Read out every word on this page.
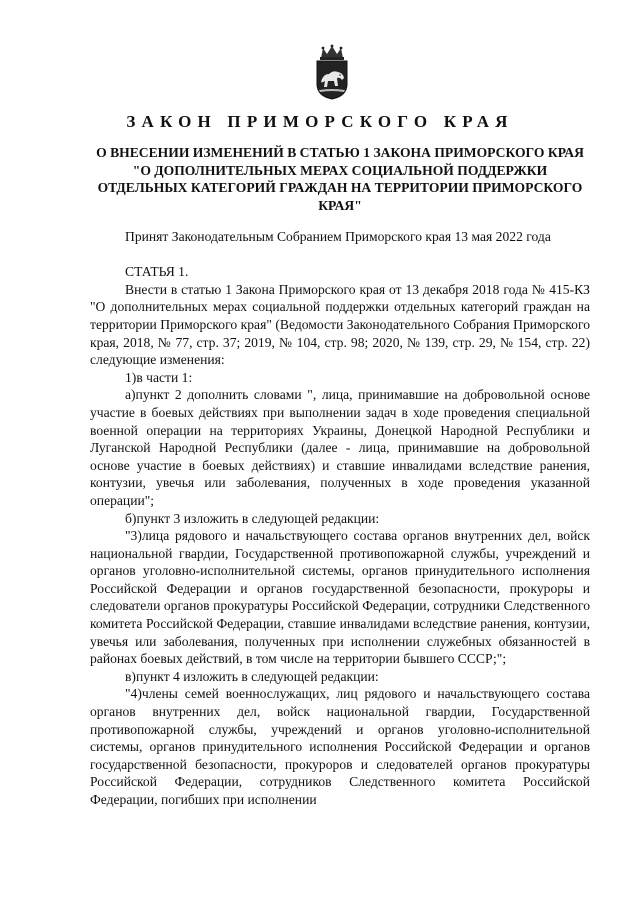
ЗАКОН ПРИМОРСКОГО КРАЯ
О ВНЕСЕНИИ ИЗМЕНЕНИЙ В СТАТЬЮ 1 ЗАКОНА ПРИМОРСКОГО КРАЯ "О ДОПОЛНИТЕЛЬНЫХ МЕРАХ СОЦИАЛЬНОЙ ПОДДЕРЖКИ ОТДЕЛЬНЫХ КАТЕГОРИЙ ГРАЖДАН НА ТЕРРИТОРИИ ПРИМОРСКОГО КРАЯ"

Принят Законодательным Собранием Приморского края 13 мая 2022 года

СТАТЬЯ 1.

Внести в статью 1 Закона Приморского края от 13 декабря 2018 года № 415-КЗ "О дополнительных мерах социальной поддержки отдельных категорий граждан на территории Приморского края" (Ведомости Законодательного Собрания Приморского края, 2018, № 77, стр. 37; 2019, № 104, стр. 98; 2020, № 139, стр. 29, № 154, стр. 22) следующие изменения:

1)в части 1:

а)пункт 2 дополнить словами ", лица, принимавшие на добровольной основе участие в боевых действиях при выполнении задач в ходе проведения специальной военной операции на территориях Украины, Донецкой Народной Республики и Луганской Народной Республики (далее - лица, принимавшие на добровольной основе участие в боевых действиях) и ставшие инвалидами вследствие ранения, контузии, увечья или заболевания, полученных в ходе проведения указанной операции";

б)пункт 3 изложить в следующей редакции:

"3)лица рядового и начальствующего состава органов внутренних дел, войск национальной гвардии, Государственной противопожарной службы, учреждений и органов уголовно-исполнительной системы, органов принудительного исполнения Российской Федерации и органов государственной безопасности, прокуроры и следователи органов прокуратуры Российской Федерации, сотрудники Следственного комитета Российской Федерации, ставшие инвалидами вследствие ранения, контузии, увечья или заболевания, полученных при исполнении служебных обязанностей в районах боевых действий, в том числе на территории бывшего СССР;";

в)пункт 4 изложить в следующей редакции:

"4)члены семей военнослужащих, лиц рядового и начальствующего состава органов внутренних дел, войск национальной гвардии, Государственной противопожарной службы, учреждений и органов уголовно-исполнительной системы, органов принудительного исполнения Российской Федерации и органов государственной безопасности, прокуроров и следователей органов прокуратуры Российской Федерации, сотрудников Следственного комитета Российской Федерации, погибших при исполнении
